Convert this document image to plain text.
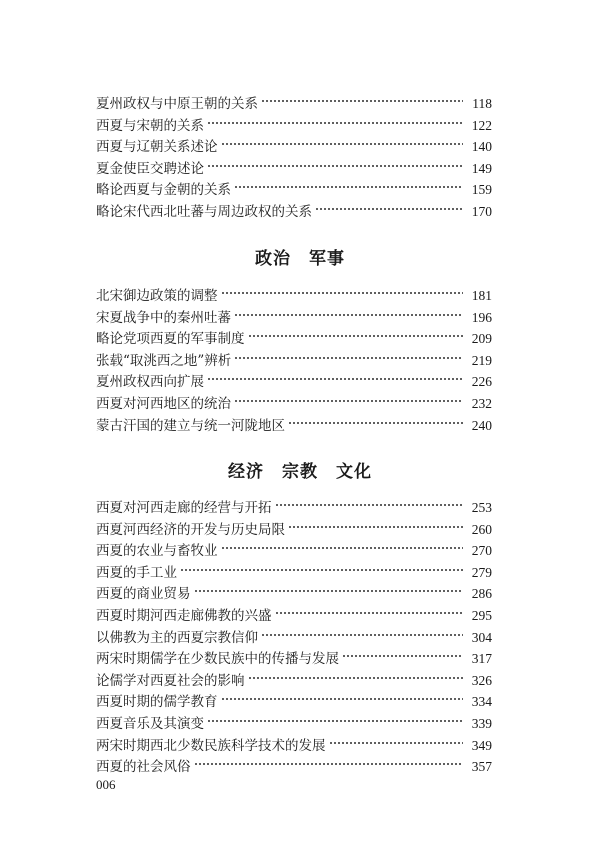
夏州政权与中原王朝的关系	118
西夏与宋朝的关系	122
西夏与辽朝关系述论	140
夏金使臣交聘述论	149
略论西夏与金朝的关系	159
略论宋代西北吐蕃与周边政权的关系	170
政治　军事
北宋御边政策的调整	181
宋夏战争中的秦州吐蕃	196
略论党项西夏的军事制度	209
张载“取洮西之地”辨析	219
夏州政权西向扩展	226
西夏对河西地区的统治	232
蒙古汗国的建立与统一河陇地区	240
经济　宗教　文化
西夏对河西走廊的经营与开拓	253
西夏河西经济的开发与历史局限	260
西夏的农业与畜牧业	270
西夏的手工业	279
西夏的商业贸易	286
西夏时期河西走廊佛教的兴盛	295
以佛教为主的西夏宗教信仰	304
两宋时期儒学在少数民族中的传播与发展	317
论儒学对西夏社会的影响	326
西夏时期的儒学教育	334
西夏音乐及其演变	339
两宋时期西北少数民族科学技术的发展	349
西夏的社会风俗	357
006
